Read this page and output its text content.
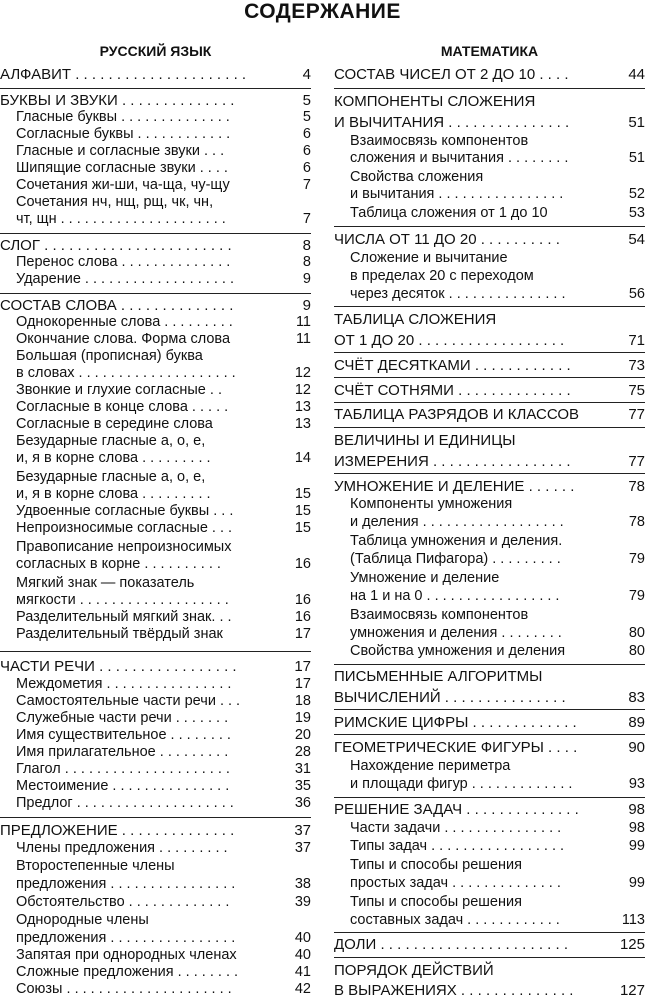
СОДЕРЖАНИЕ
РУССКИЙ ЯЗЫК
АЛФАВИТ . . . . . . . . . . . . . . . . . . . . .	4
БУКВЫ И ЗВУКИ . . . . . . . . . . . . . .	5
Гласные буквы . . . . . . . . . . . . . .	5
Согласные буквы . . . . . . . . . . . .	6
Гласные и согласные звуки . . .	6
Шипящие согласные звуки . . . .	6
Сочетания жи-ши, ча-ща, чу-щу	7
Сочетания нч, нщ, рщ, чк, чн,
чт, щн . . . . . . . . . . . . . . . . . . . . .	7
СЛОГ . . . . . . . . . . . . . . . . . . . . . . .	8
Перенос слова . . . . . . . . . . . . . .	8
Ударение . . . . . . . . . . . . . . . . . . .	9
СОСТАВ СЛОВА . . . . . . . . . . . . . .	9
Однокоренные слова . . . . . . . . .	11
Окончание слова. Форма слова	11
Большая (прописная) буква
в словах . . . . . . . . . . . . . . . . . . . .	12
Звонкие и глухие согласные . .	12
Согласные в конце слова . . . . .	13
Согласные в середине слова	13
Безударные гласные а, о, е,
и, я в корне слова . . . . . . . . .	14
Безударные гласные а, о, е,
и, я в корне слова . . . . . . . . .	15
Удвоенные согласные буквы . . .	15
Непроизносимые согласные . . .	15
Правописание непроизносимых
согласных в корне . . . . . . . . . .	16
Мягкий знак — показатель
мягкости . . . . . . . . . . . . . . . . . . .	16
Разделительный мягкий знак. . .	16
Разделительный твёрдый знак	17
ЧАСТИ РЕЧИ . . . . . . . . . . . . . . . . .	17
Междометия . . . . . . . . . . . . . . . .	17
Самостоятельные части речи . . .	18
Служебные части речи . . . . . . .	19
Имя существительное . . . . . . . .	20
Имя прилагательное . . . . . . . . .	28
Глагол . . . . . . . . . . . . . . . . . . . . .	31
Местоимение . . . . . . . . . . . . . . .	35
Предлог . . . . . . . . . . . . . . . . . . . .	36
ПРЕДЛОЖЕНИЕ . . . . . . . . . . . . . .	37
Члены предложения . . . . . . . . .	37
Второстепенные члены
предложения . . . . . . . . . . . . . . . .	38
Обстоятельство . . . . . . . . . . . . .	39
Однородные члены
предложения . . . . . . . . . . . . . . . .	40
Запятая при однородных членах	40
Сложные предложения . . . . . . . .	41
Союзы . . . . . . . . . . . . . . . . . . . . .	42
МАТЕМАТИКА
СОСТАВ ЧИСЕЛ ОТ 2 ДО 10 . . . .	44
КОМПОНЕНТЫ СЛОЖЕНИЯ
И ВЫЧИТАНИЯ . . . . . . . . . . . . . . .	51
Взаимосвязь компонентов
сложения и вычитания . . . . . . . .	51
Свойства сложения
и вычитания . . . . . . . . . . . . . . . .	52
Таблица сложения от 1 до 10	53
ЧИСЛА ОТ 11 ДО 20 . . . . . . . . . .	54
Сложение и вычитание
в пределах 20 с переходом
через десяток . . . . . . . . . . . . . . .	56
ТАБЛИЦА СЛОЖЕНИЯ
ОТ 1 ДО 20 . . . . . . . . . . . . . . . . . .	71
СЧЁТ ДЕСЯТКАМИ . . . . . . . . . . . .	73
СЧЁТ СОТНЯМИ . . . . . . . . . . . . . .	75
ТАБЛИЦА РАЗРЯДОВ И КЛАССОВ	77
ВЕЛИЧИНЫ И ЕДИНИЦЫ
ИЗМЕРЕНИЯ . . . . . . . . . . . . . . . . .	77
УМНОЖЕНИЕ И ДЕЛЕНИЕ . . . . . .	78
Компоненты умножения
и деления . . . . . . . . . . . . . . . . . .	78
Таблица умножения и деления.
(Таблица Пифагора) . . . . . . . . .	79
Умножение и деление
на 1 и на 0 . . . . . . . . . . . . . . . . .	79
Взаимосвязь компонентов
умножения и деления . . . . . . . .	80
Свойства умножения и деления	80
ПИСЬМЕННЫЕ АЛГОРИТМЫ
ВЫЧИСЛЕНИЙ . . . . . . . . . . . . . . .	83
РИМСКИЕ ЦИФРЫ . . . . . . . . . . . . .	89
ГЕОМЕТРИЧЕСКИЕ ФИГУРЫ . . . .	90
Нахождение периметра
и площади фигур . . . . . . . . . . . . .	93
РЕШЕНИЕ ЗАДАЧ . . . . . . . . . . . . . .	98
Части задачи . . . . . . . . . . . . . . .	98
Типы задач . . . . . . . . . . . . . . . . .	99
Типы и способы решения
простых задач . . . . . . . . . . . . . .	99
Типы и способы решения
составных задач . . . . . . . . . . . .	113
ДОЛИ . . . . . . . . . . . . . . . . . . . . . . .	125
ПОРЯДОК ДЕЙСТВИЙ
В ВЫРАЖЕНИЯХ . . . . . . . . . . . . . .	127
